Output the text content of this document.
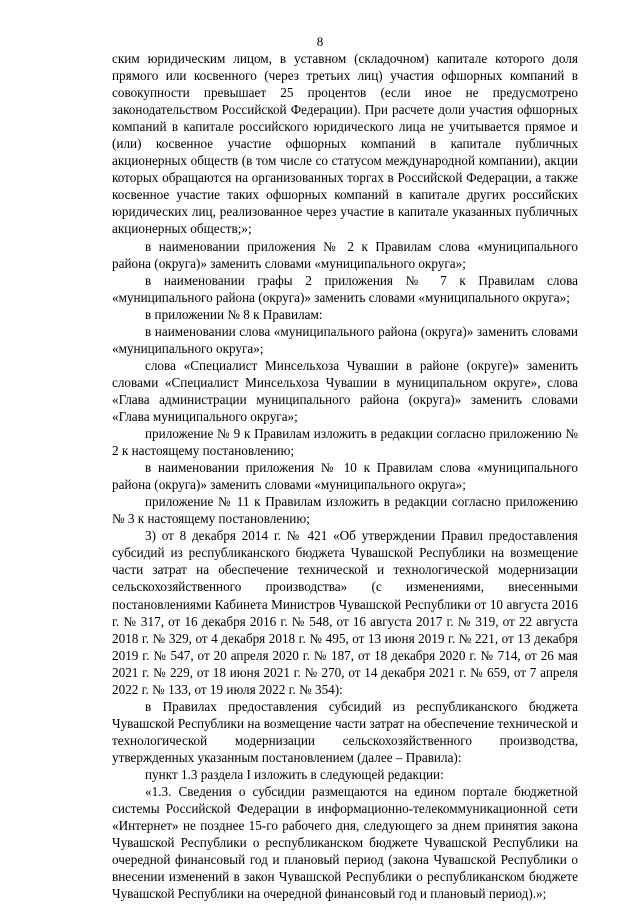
8

ским юридическим лицом, в уставном (складочном) капитале которого доля прямого или косвенного (через третьих лиц) участия офшорных компаний в совокупности превышает 25 процентов (если иное не предусмотрено законодательством Российской Федерации). При расчете доли участия офшорных компаний в капитале российского юридического лица не учитывается прямое и (или) косвенное участие офшорных компаний в капитале публичных акционерных обществ (в том числе со статусом международной компании), акции которых обращаются на организованных торгах в Российской Федерации, а также косвенное участие таких офшорных компаний в капитале других российских юридических лиц, реализованное через участие в капитале указанных публичных акционерных обществ;»;

в наименовании приложения № 2 к Правилам слова «муниципального района (округа)» заменить словами «муниципального округа»;

в наименовании графы 2 приложения № 7 к Правилам слова «муниципального района (округа)» заменить словами «муниципального округа»;

в приложении № 8 к Правилам:

в наименовании слова «муниципального района (округа)» заменить словами «муниципального округа»;

слова «Специалист Минсельхоза Чувашии в районе (округе)» заменить словами «Специалист Минсельхоза Чувашии в муниципальном округе», слова «Глава администрации муниципального района (округа)» заменить словами «Глава муниципального округа»;

приложение № 9 к Правилам изложить в редакции согласно приложению № 2 к настоящему постановлению;

в наименовании приложения № 10 к Правилам слова «муниципального района (округа)» заменить словами «муниципального округа»;

приложение № 11 к Правилам изложить в редакции согласно приложению № 3 к настоящему постановлению;

3) от 8 декабря 2014 г. № 421 «Об утверждении Правил предоставления субсидий из республиканского бюджета Чувашской Республики на возмещение части затрат на обеспечение технической и технологической модернизации сельскохозяйственного производства» (с изменениями, внесенными постановлениями Кабинета Министров Чувашской Республики от 10 августа 2016 г. № 317, от 16 декабря 2016 г. № 548, от 16 августа 2017 г. № 319, от 22 августа 2018 г. № 329, от 4 декабря 2018 г. № 495, от 13 июня 2019 г. № 221, от 13 декабря 2019 г. № 547, от 20 апреля 2020 г. № 187, от 18 декабря 2020 г. № 714, от 26 мая 2021 г. № 229, от 18 июня 2021 г. № 270, от 14 декабря 2021 г. № 659, от 7 апреля 2022 г. № 133, от 19 июля 2022 г. № 354):

в Правилах предоставления субсидий из республиканского бюджета Чувашской Республики на возмещение части затрат на обеспечение технической и технологической модернизации сельскохозяйственного производства, утвержденных указанным постановлением (далее – Правила):

пункт 1.3 раздела I изложить в следующей редакции:

«1.3. Сведения о субсидии размещаются на едином портале бюджетной системы Российской Федерации в информационно-телекоммуникационной сети «Интернет» не позднее 15-го рабочего дня, следующего за днем принятия закона Чувашской Республики о республиканском бюджете Чувашской Республики на очередной финансовый год и плановый период (закона Чувашской Республики о внесении изменений в закон Чувашской Республики о республиканском бюджете Чувашской Республики на очередной финансовый год и плановый период).»;
